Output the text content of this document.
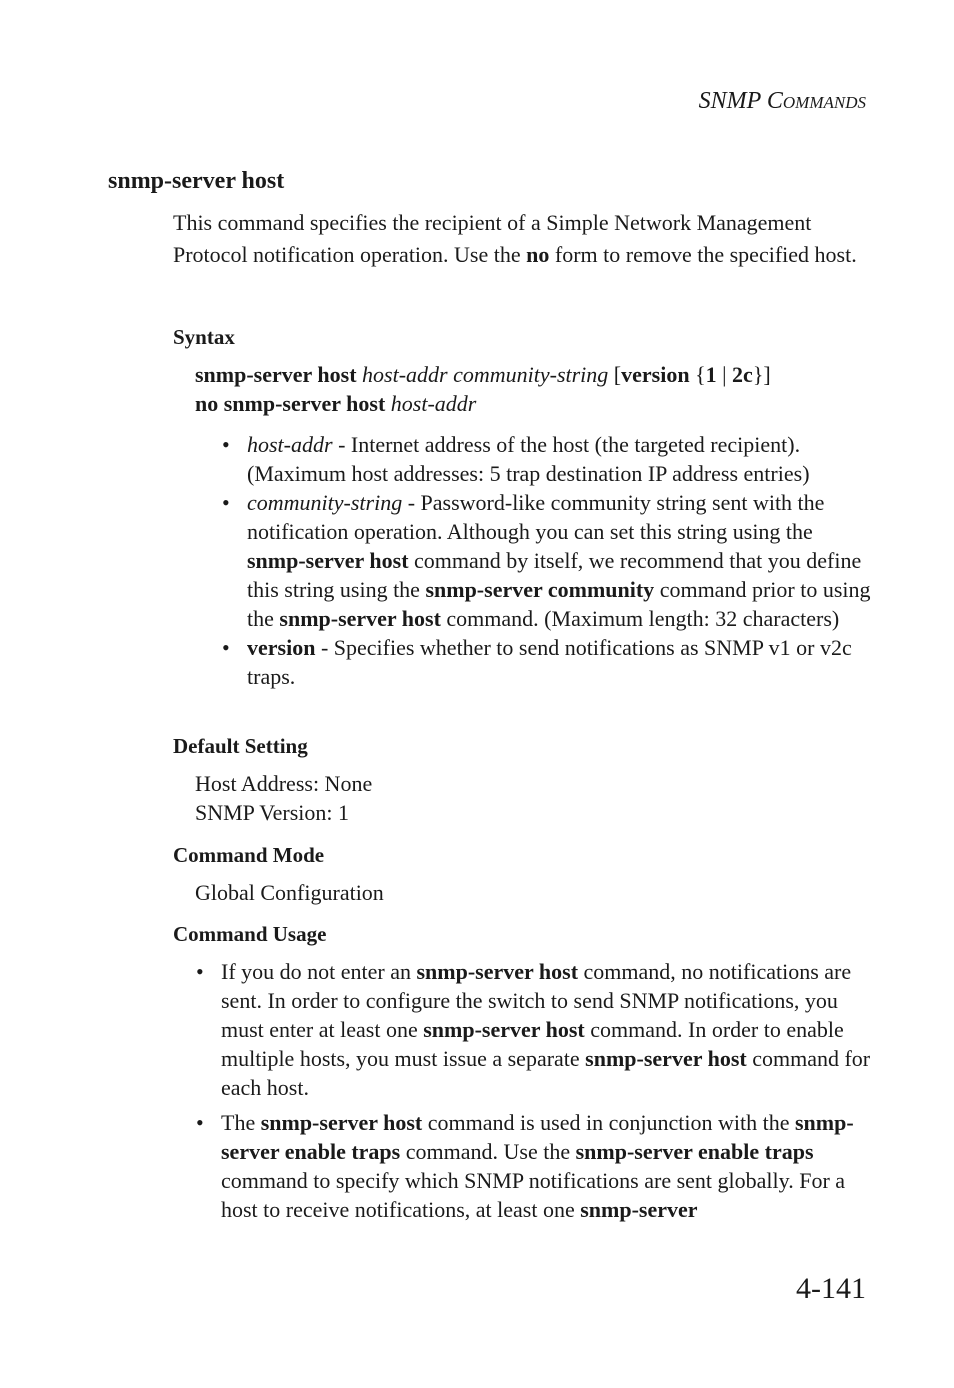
SNMP COMMANDS
snmp-server host

This command specifies the recipient of a Simple Network Management Protocol notification operation. Use the no form to remove the specified host.

Syntax
snmp-server host host-addr community-string [version {1 | 2c}]
no snmp-server host host-addr
• host-addr - Internet address of the host (the targeted recipient). (Maximum host addresses: 5 trap destination IP address entries)
• community-string - Password-like community string sent with the notification operation. Although you can set this string using the snmp-server host command by itself, we recommend that you define this string using the snmp-server community command prior to using the snmp-server host command. (Maximum length: 32 characters)
• version - Specifies whether to send notifications as SNMP v1 or v2c traps.
Default Setting
Host Address: None
SNMP Version: 1
Command Mode
Global Configuration
Command Usage
• If you do not enter an snmp-server host command, no notifications are sent. In order to configure the switch to send SNMP notifications, you must enter at least one snmp-server host command. In order to enable multiple hosts, you must issue a separate snmp-server host command for each host.
• The snmp-server host command is used in conjunction with the snmp-server enable traps command. Use the snmp-server enable traps command to specify which SNMP notifications are sent globally. For a host to receive notifications, at least one snmp-server
4-141
